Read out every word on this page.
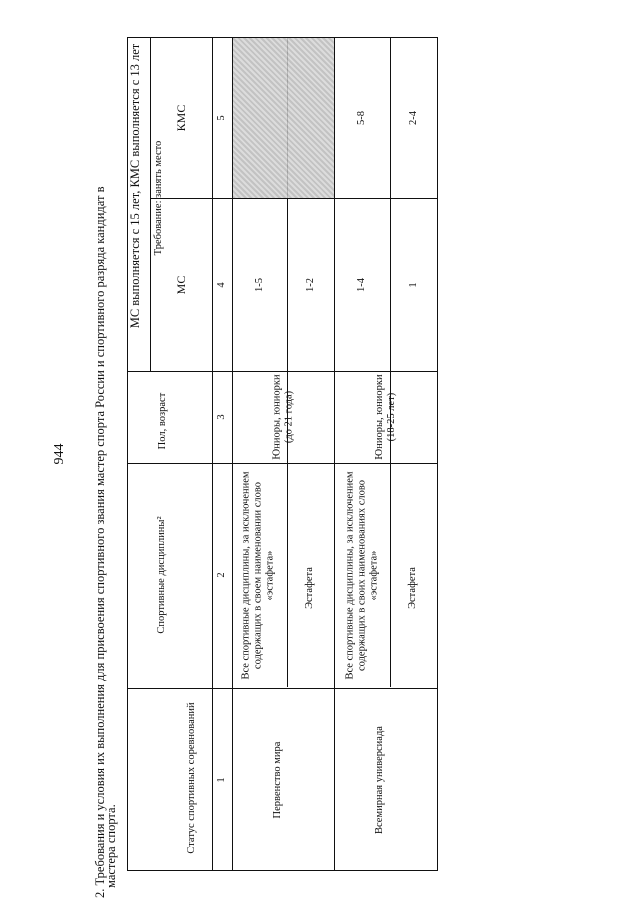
944 2. Требования и условия их выполнения для присвоения спортивного звания мастер спорта России и спортивного разряда кандидат в
мастера спорта.
МС выполняется с 15 лет, КМС выполняется с 13 лет
Статус спортивных соревнований
Спортивные дисциплины²
Пол, возраст
Требование: занять место
МС
КМС
1
2
3
4
5
Первенство мира
Юниоры, юниорки (до 21 года)
Все спортивные дисциплины, за исключением содержащих в своем наименовании слово «эстафета»
1-5
Эстафета
1-2
Всемирная универсиада
Юниоры, юниорки (18-25 лет)
Все спортивные дисциплины, за исключением содержащих в своих наименованиях слово «эстафета»
1-4
5-8
Эстафета
1
2-4
